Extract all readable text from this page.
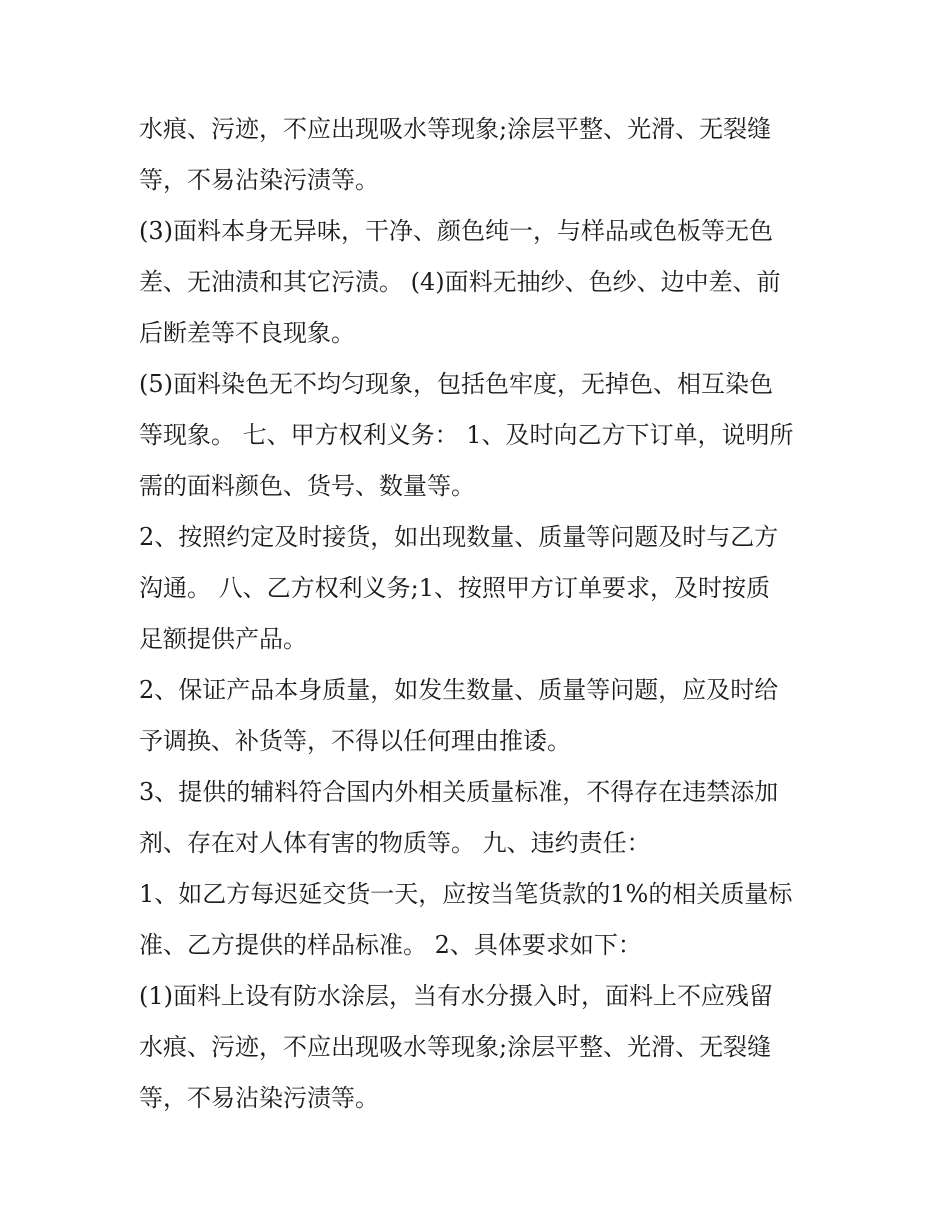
水痕、污迹，不应出现吸水等现象;涂层平整、光滑、无裂缝
等，不易沾染污渍等。
(3)面料本身无异味，干净、颜色纯一，与样品或色板等无色
差、无油渍和其它污渍。 (4)面料无抽纱、色纱、边中差、前
后断差等不良现象。
(5)面料染色无不均匀现象，包括色牢度，无掉色、相互染色
等现象。 七、甲方权利义务： 1、及时向乙方下订单，说明所
需的面料颜色、货号、数量等。
2、按照约定及时接货，如出现数量、质量等问题及时与乙方
沟通。 八、乙方权利义务;1、按照甲方订单要求，及时按质
足额提供产品。
2、保证产品本身质量，如发生数量、质量等问题，应及时给
予调换、补货等，不得以任何理由推诿。
3、提供的辅料符合国内外相关质量标准，不得存在违禁添加
剂、存在对人体有害的物质等。 九、违约责任：
1、如乙方每迟延交货一天，应按当笔货款的1%的相关质量标
准、乙方提供的样品标准。 2、具体要求如下：
(1)面料上设有防水涂层，当有水分摄入时，面料上不应残留
水痕、污迹，不应出现吸水等现象;涂层平整、光滑、无裂缝
等，不易沾染污渍等。
